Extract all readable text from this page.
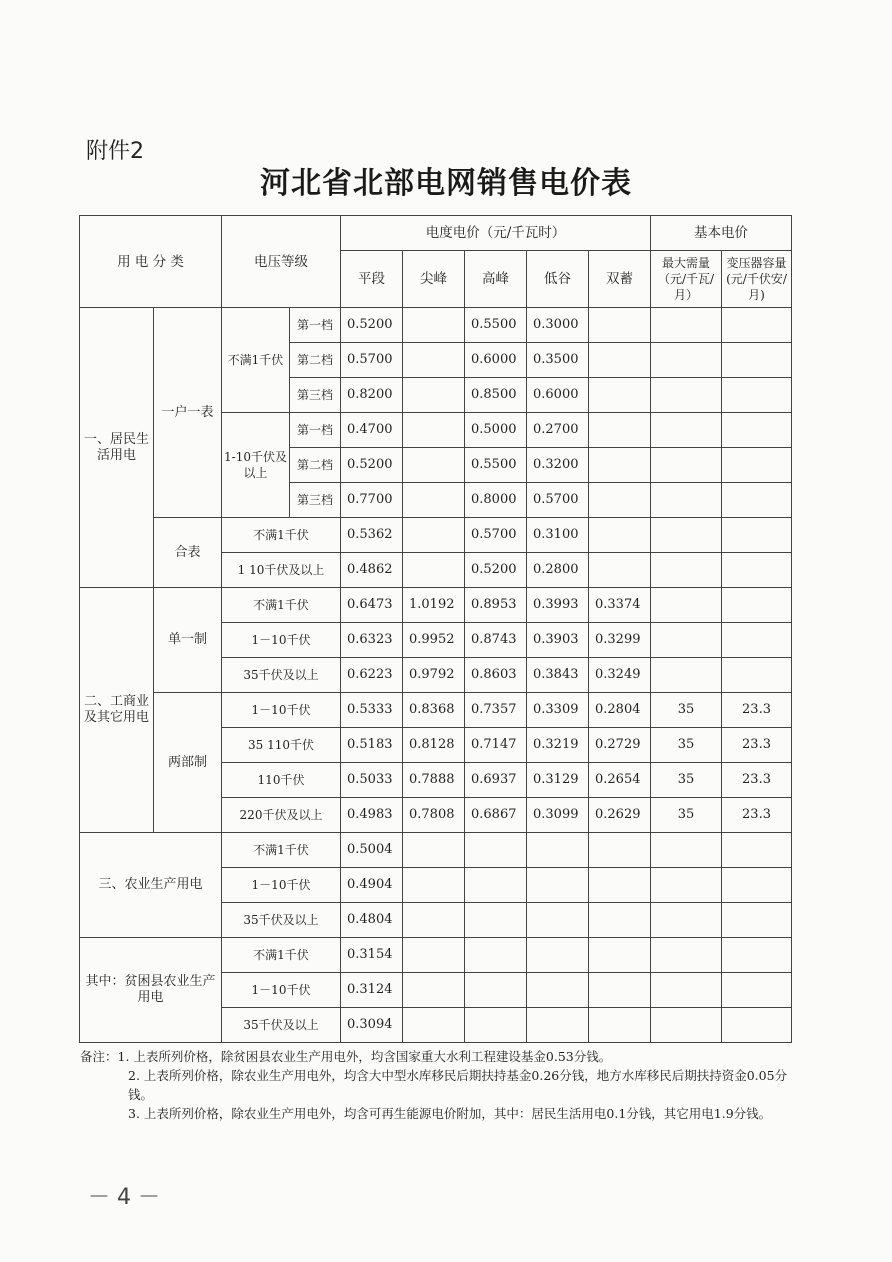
附件2
河北省北部电网销售电价表
用 电 分 类		电压等级		电度电价（元/千瓦时）					基本电价	
				平段	尖峰	高峰	低谷	双蓄	最大需量（元/千瓦/月）	变压器容量(元/千伏安/月)
一、居民生活用电	一户一表	不满1千伏	第一档	0.5200		0.5500	0.3000			
			第二档	0.5700		0.6000	0.3500			
			第三档	0.8200		0.8500	0.6000			
		1-10千伏及以上	第一档	0.4700		0.5000	0.2700			
			第二档	0.5200		0.5500	0.3200			
			第三档	0.7700		0.8000	0.5700			
	合表	不满1千伏		0.5362		0.5700	0.3100			
		1 10千伏及以上		0.4862		0.5200	0.2800			
二、工商业及其它用电	单一制	不满1千伏		0.6473	1.0192	0.8953	0.3993	0.3374		
		1－10千伏		0.6323	0.9952	0.8743	0.3903	0.3299		
		35千伏及以上		0.6223	0.9792	0.8603	0.3843	0.3249		
	两部制	1－10千伏		0.5333	0.8368	0.7357	0.3309	0.2804	35	23.3
		35 110千伏		0.5183	0.8128	0.7147	0.3219	0.2729	35	23.3
		110千伏		0.5033	0.7888	0.6937	0.3129	0.2654	35	23.3
		220千伏及以上		0.4983	0.7808	0.6867	0.3099	0.2629	35	23.3
三、农业生产用电		不满1千伏		0.5004						
		1－10千伏		0.4904						
		35千伏及以上		0.4804						
其中：贫困县农业生产用电		不满1千伏		0.3154						
		1－10千伏		0.3124						
		35千伏及以上		0.3094						

备注：1. 上表所列价格，除贫困县农业生产用电外，均含国家重大水利工程建设基金0.53分钱。

2. 上表所列价格，除农业生产用电外，均含大中型水库移民后期扶持基金0.26分钱，地方水库移民后期扶持资金0.05分钱。

3. 上表所列价格，除农业生产用电外，均含可再生能源电价附加，其中：居民生活用电0.1分钱，其它用电1.9分钱。

－ 4 －
